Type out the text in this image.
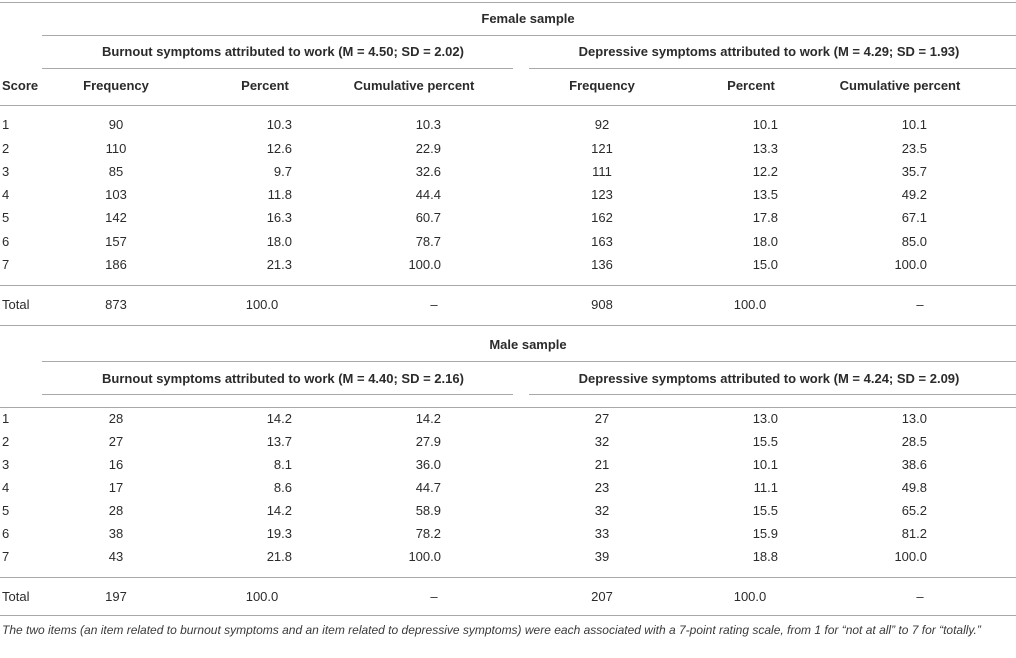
Female sample
Burnout symptoms attributed to work (M = 4.50; SD = 2.02)	Depressive symptoms attributed to work (M = 4.29; SD = 1.93)
Score	Frequency	Percent	Cumulative percent	Frequency	Percent	Cumulative percent
1	90	10.3	10.3	92	10.1	10.1
2	110	12.6	22.9	121	13.3	23.5
3	85	9.7	32.6	111	12.2	35.7
4	103	11.8	44.4	123	13.5	49.2
5	142	16.3	60.7	162	17.8	67.1
6	157	18.0	78.7	163	18.0	85.0
7	186	21.3	100.0	136	15.0	100.0
Total	873	100.0	–	908	100.0	–
Male sample
Burnout symptoms attributed to work (M = 4.40; SD = 2.16)	Depressive symptoms attributed to work (M = 4.24; SD = 2.09)
1	28	14.2	14.2	27	13.0	13.0
2	27	13.7	27.9	32	15.5	28.5
3	16	8.1	36.0	21	10.1	38.6
4	17	8.6	44.7	23	11.1	49.8
5	28	14.2	58.9	32	15.5	65.2
6	38	19.3	78.2	33	15.9	81.2
7	43	21.8	100.0	39	18.8	100.0
Total	197	100.0	–	207	100.0	–
The two items (an item related to burnout symptoms and an item related to depressive symptoms) were each associated with a 7-point rating scale, from 1 for “not at all” to 7 for “totally.”
